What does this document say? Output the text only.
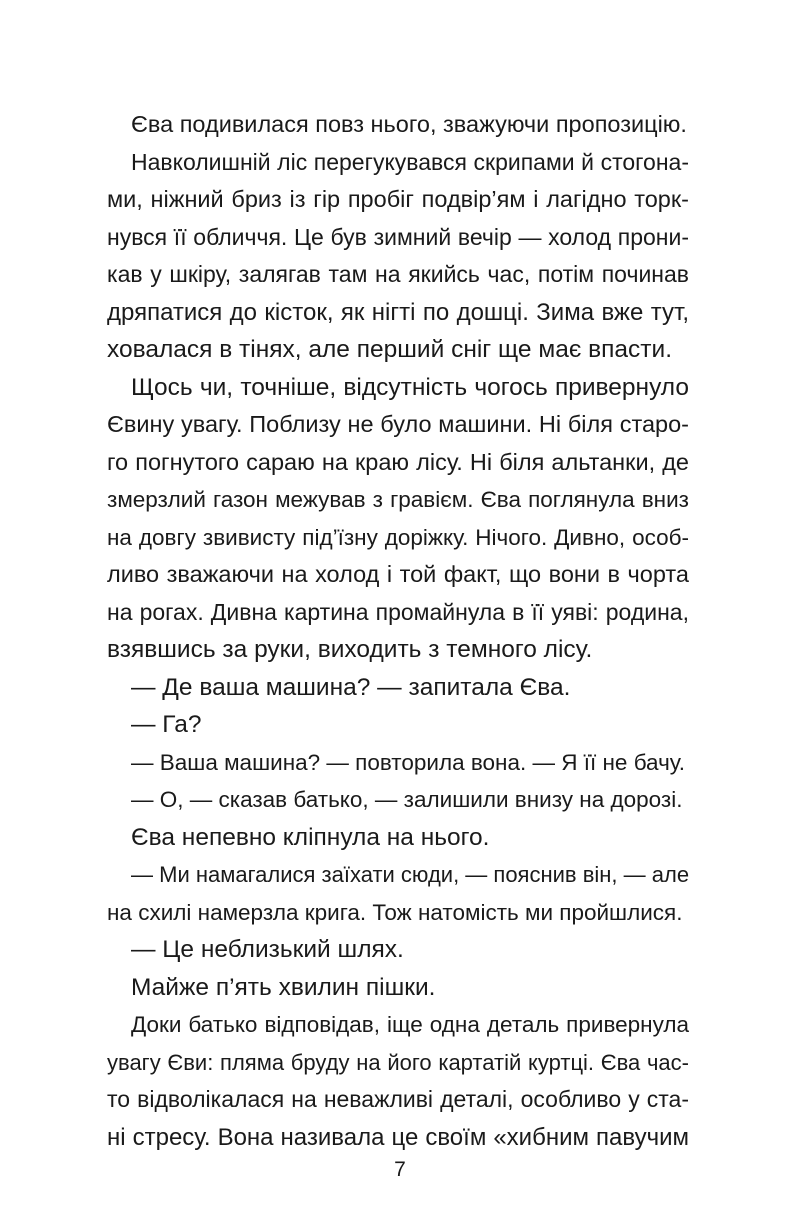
Єва подивилася повз нього, зважуючи пропозицію.
Навколишній ліс перегукувався скрипами й стогона-
ми, ніжний бриз із гір пробіг подвір’ям і лагідно торк-
нувся її обличчя. Це був зимний вечір — холод прони-
кав у шкіру, залягав там на якийсь час, потім починав
дряпатися до кісток, як нігті по дошці. Зима вже тут,
ховалася в тінях, але перший сніг ще має впасти.
Щось чи, точніше, відсутність чогось привернуло
Євину увагу. Поблизу не було машини. Ні біля старо-
го погнутого сараю на краю лісу. Ні біля альтанки, де
змерзлий газон межував з гравієм. Єва поглянула вниз
на довгу звивисту під’їзну доріжку. Нічого. Дивно, особ-
ливо зважаючи на холод і той факт, що вони в чорта
на рогах. Дивна картина промайнула в її уяві: родина,
взявшись за руки, виходить з темного лісу.
— Де ваша машина? — запитала Єва.
— Га?
— Ваша машина? — повторила вона. — Я її не бачу.
— О, — сказав батько, — залишили внизу на дорозі.
Єва непевно кліпнула на нього.
— Ми намагалися заїхати сюди, — пояснив він, — але
на схилі намерзла крига. Тож натомість ми пройшлися.
— Це неблизький шлях.
Майже п’ять хвилин пішки.
Доки батько відповідав, іще одна деталь привернула
увагу Єви: пляма бруду на його картатій куртці. Єва час-
то відволікалася на неважливі деталі, особливо у ста-
ні стресу. Вона називала це своїм «хибним павучим
7
